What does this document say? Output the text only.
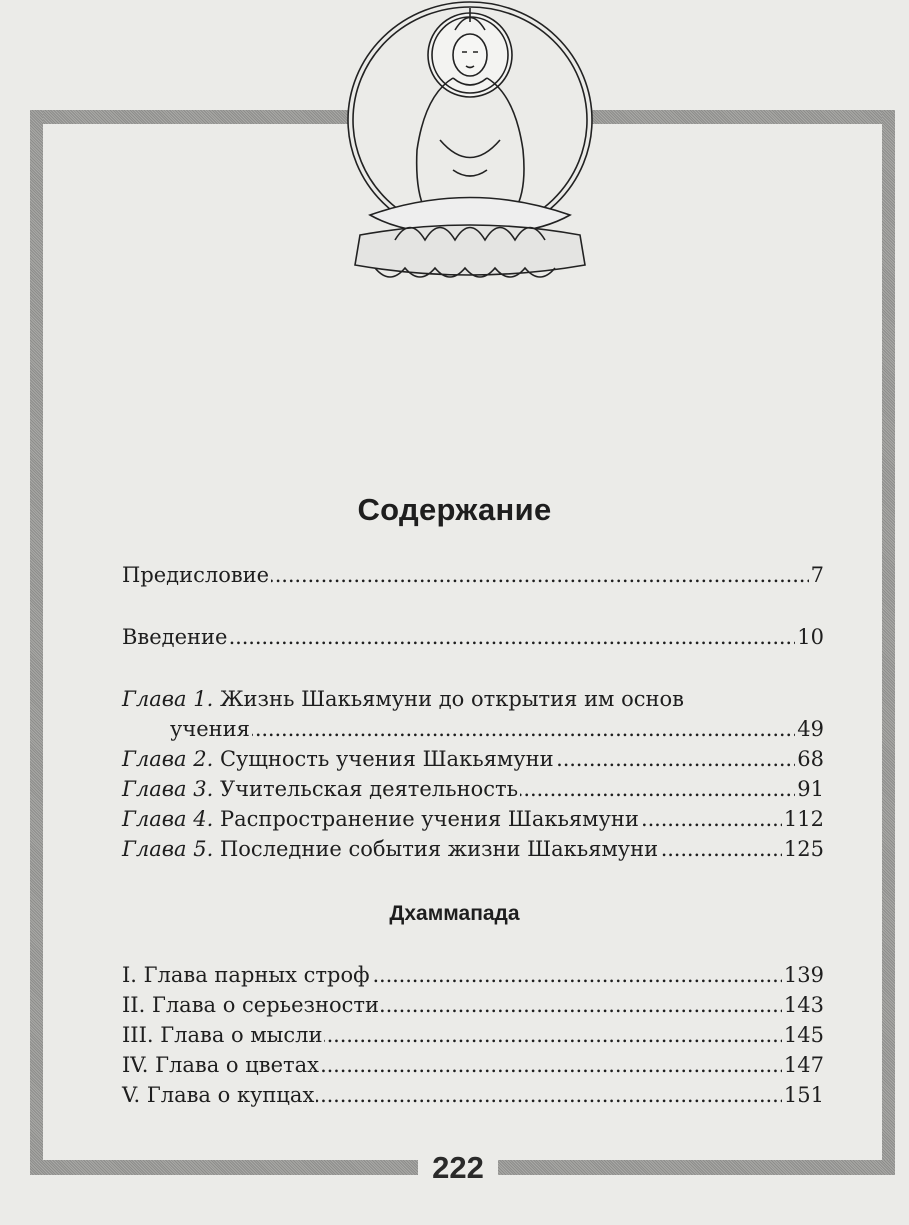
Содержание
Предисловие . . .	7
Введение . . .	10
Глава 1.
Жизнь Шакьямуни до открытия им основ
учения . . .	49
Глава 2.
Сущность учения Шакьямуни . . .	68
Глава 3.
Учительская деятельность . . .	91
Глава 4.
Распространение учения Шакьямуни . . .	112
Глава 5.
Последние события жизни Шакьямуни . . .	125
Дхаммапада
I. Глава парных строф . . .	139
II. Глава о серьезности . . .	143
III. Глава о мысли . . .	145
IV. Глава о цветах . . .	147
V. Глава о купцах . . .	151
222
